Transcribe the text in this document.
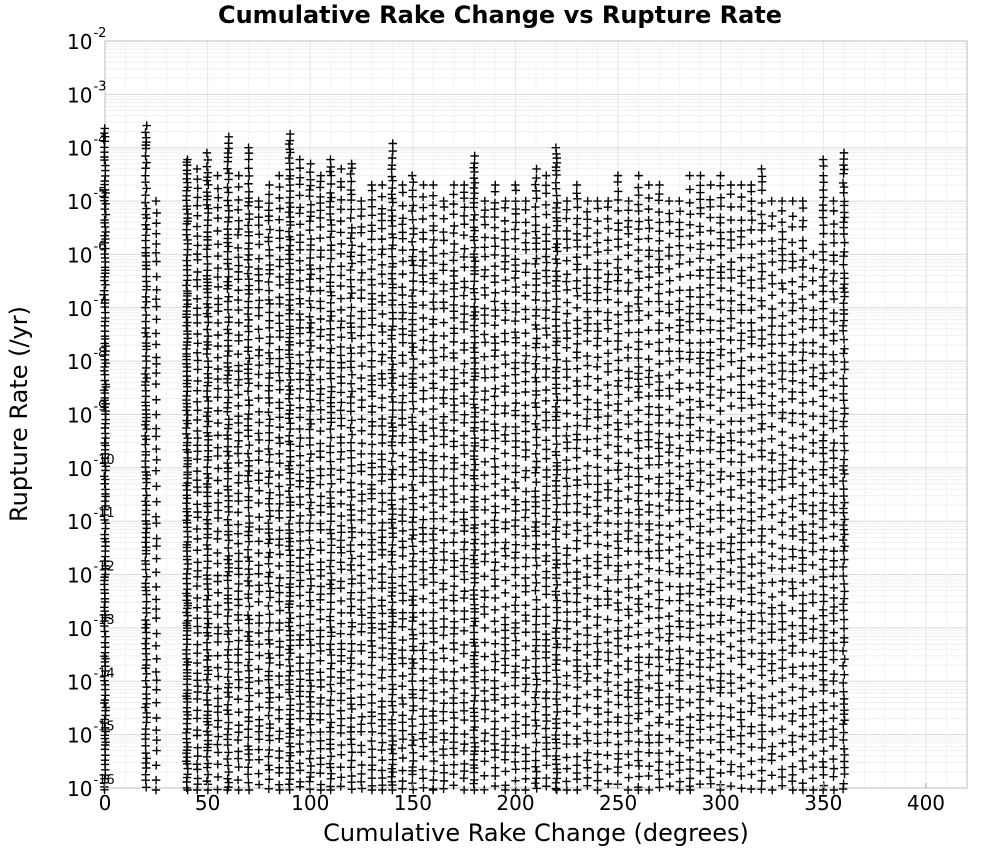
0	50	100	150	200	250	300	350	400
$10^{-2}$
$10^{-3}$
$10^{-4}$
$10^{-5}$
$10^{-6}$
$10^{-7}$
$10^{-8}$
$10^{-9}$
$10^{-10}$
$10^{-11}$
$10^{-12}$
$10^{-13}$
$10^{-14}$
$10^{-15}$
$10^{-16}$
Cumulative Rake Change vs Rupture Rate
Cumulative Rake Change (degrees)
Rupture Rate (/yr)
